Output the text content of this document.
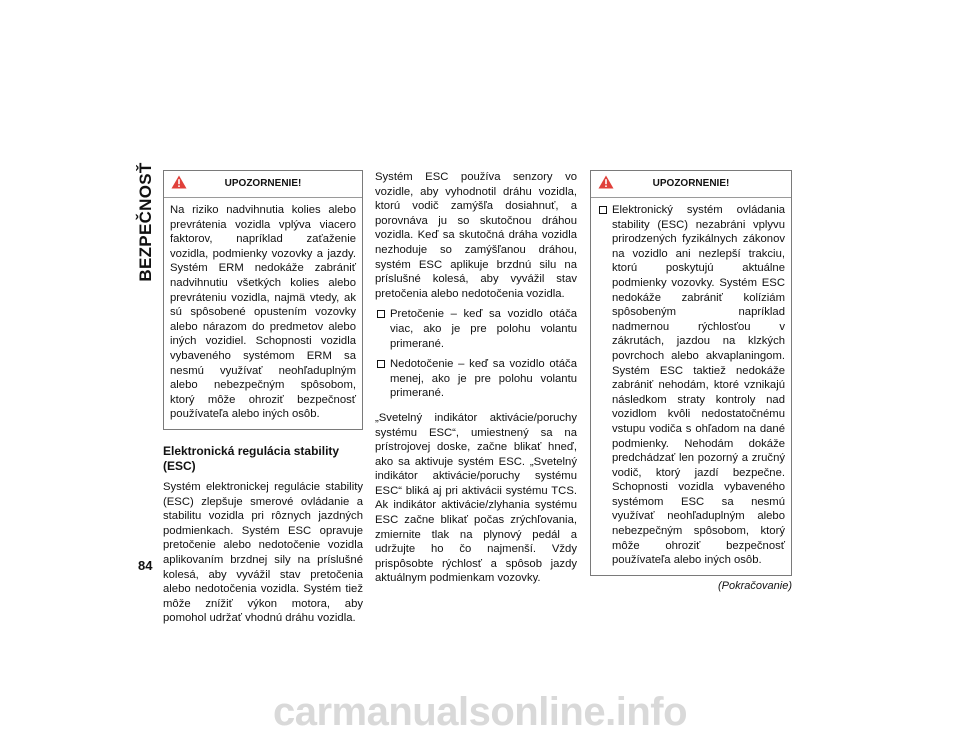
BEZPEČNOSŤ
84
UPOZORNENIE!

Na riziko nadvihnutia kolies alebo prevrátenia vozidla vplýva viacero faktorov, napríklad zaťaženie vozidla, podmienky vozovky a jazdy. Systém ERM nedokáže zabrániť nadvihnutiu všetkých kolies alebo prevráteniu vozidla, najmä vtedy, ak sú spôsobené opustením vozovky alebo nárazom do predmetov alebo iných vozidiel. Schopnosti vozidla vybaveného systémom ERM sa nesmú využívať neohľaduplným alebo nebezpečným spôsobom, ktorý môže ohroziť bezpečnosť používateľa alebo iných osôb.

Elektronická regulácia stability (ESC)

Systém elektronickej regulácie stability (ESC) zlepšuje smerové ovládanie a stabilitu vozidla pri rôznych jazdných podmienkach. Systém ESC opravuje pretočenie alebo nedotočenie vozidla aplikovaním brzdnej sily na príslušné kolesá, aby vyvážil stav pretočenia alebo nedotočenia vozidla. Systém tiež môže znížiť výkon motora, aby pomohol udržať vhodnú dráhu vozidla.

Systém ESC používa senzory vo vozidle, aby vyhodnotil dráhu vozidla, ktorú vodič zamýšľa dosiahnuť, a porovnáva ju so skutočnou dráhou vozidla. Keď sa skutočná dráha vozidla nezhoduje so zamýšľanou dráhou, systém ESC aplikuje brzdnú silu na príslušné kolesá, aby vyvážil stav pretočenia alebo nedotočenia vozidla.

Pretočenie – keď sa vozidlo otáča viac, ako je pre polohu volantu primerané.
Nedotočenie – keď sa vozidlo otáča menej, ako je pre polohu volantu primerané.

„Svetelný indikátor aktivácie/poruchy systému ESC“, umiestnený sa na prístrojovej doske, začne blikať hneď, ako sa aktivuje systém ESC. „Svetelný indikátor aktivácie/poruchy systému ESC“ bliká aj pri aktivácii systému TCS. Ak indikátor aktivácie/zlyhania systému ESC začne blikať počas zrýchľovania, zmiernite tlak na plynový pedál a udržujte ho čo najmenší. Vždy prispôsobte rýchlosť a spôsob jazdy aktuálnym podmienkam vozovky.

UPOZORNENIE!
Elektronický systém ovládania stability (ESC) nezabráni vplyvu prirodzených fyzikálnych zákonov na vozidlo ani nezlepší trakciu, ktorú poskytujú aktuálne podmienky vozovky. Systém ESC nedokáže zabrániť kolíziám spôsobeným napríklad nadmernou rýchlosťou v zákrutách, jazdou na klzkých povrchoch alebo akvaplaningom. Systém ESC taktiež nedokáže zabrániť nehodám, ktoré vznikajú následkom straty kontroly nad vozidlom kvôli nedostatočnému vstupu vodiča s ohľadom na dané podmienky. Nehodám dokáže predchádzať len pozorný a zručný vodič, ktorý jazdí bezpečne. Schopnosti vozidla vybaveného systémom ESC sa nesmú využívať neohľaduplným alebo nebezpečným spôsobom, ktorý môže ohroziť bezpečnosť používateľa alebo iných osôb.
(Pokračovanie)
carmanualsonline.info
